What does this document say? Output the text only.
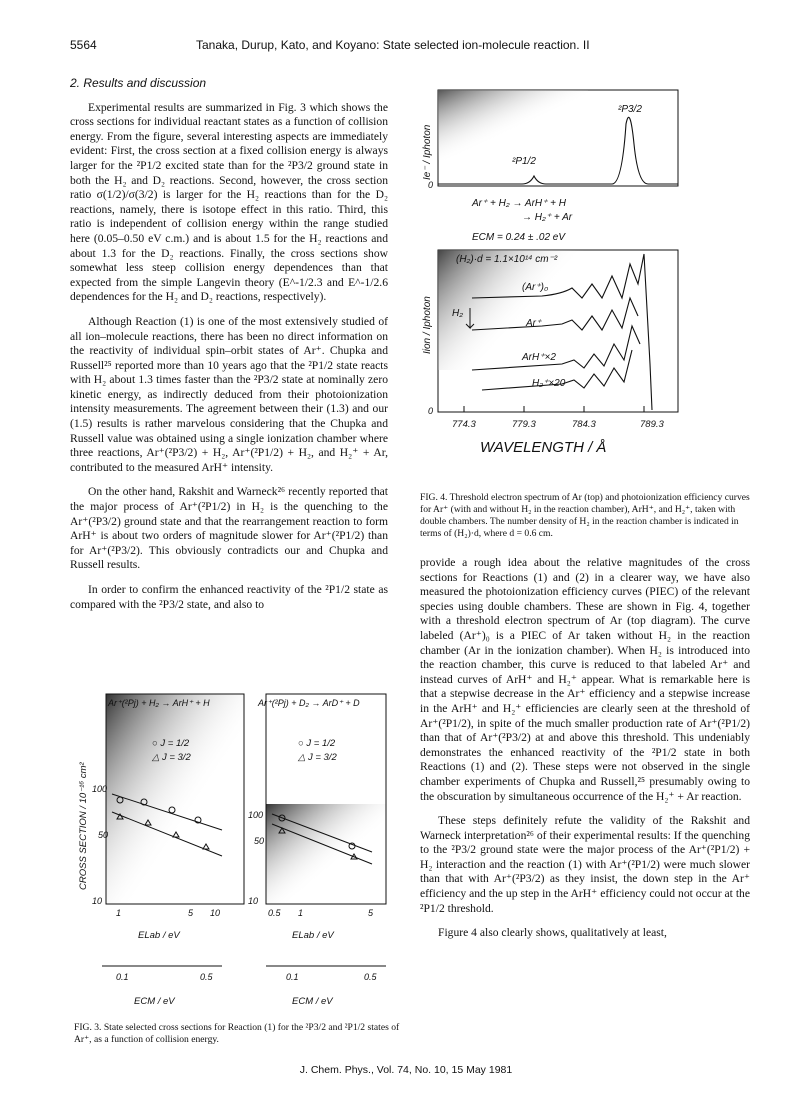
5564	Tanaka, Durup, Kato, and Koyano: State selected ion-molecule reaction. II

2. Results and discussion

Experimental results are summarized in Fig. 3 which shows the cross sections for individual reactant states as a function of collision energy. From the figure, several interesting aspects are immediately evident: First, the cross section at a fixed collision energy is always larger for the ²P1/2 excited state than for the ²P3/2 ground state in both the H₂ and D₂ reactions. Second, however, the cross section ratio σ(1/2)/σ(3/2) is larger for the H₂ reactions than for the D₂ reactions, namely, there is isotope effect in this ratio. Third, this ratio is independent of collision energy within the range studied here (0.05–0.50 eV c.m.) and is about 1.5 for the H₂ reactions and about 1.3 for the D₂ reactions. Finally, the cross sections show somewhat less steep collision energy dependences than that expected from the simple Langevin theory (E^-1/2.3 and E^-1/2.6 dependences for the H₂ and D₂ reactions, respectively).

Although Reaction (1) is one of the most extensively studied of all ion–molecule reactions, there has been no direct information on the reactivity of individual spin–orbit states of Ar⁺. Chupka and Russell²⁵ reported more than 10 years ago that the ²P1/2 state reacts with H₂ about 1.3 times faster than the ²P3/2 state at nominally zero kinetic energy, as indirectly deduced from their photoionization intensity measurements. The agreement between their (1.3) and our (1.5) results is rather marvelous considering that the Chupka and Russell value was obtained using a single ionization chamber where three reactions, Ar⁺(²P3/2) + H₂, Ar⁺(²P1/2) + H₂, and H₂⁺ + Ar, contributed to the measured ArH⁺ intensity.

On the other hand, Rakshit and Warneck²⁶ recently reported that the major process of Ar⁺(²P1/2) in H₂ is the quenching to the Ar⁺(²P3/2) ground state and that the rearrangement reaction to form ArH⁺ is about two orders of magnitude slower for Ar⁺(²P1/2) than for Ar⁺(²P3/2). This obviously contradicts our and Chupka and Russell results.

In order to confirm the enhanced reactivity of the ²P1/2 state as compared with the ²P3/2 state, and also to

²P3/2
²P1/2
0
0
Ie⁻ / Iphoton
Iion / Iphoton
Ar⁺ + H₂ → ArH⁺ + H
→ H₂⁺ + Ar
ECM = 0.24 ± .02 eV
(H₂)·d = 1.1×10¹⁴ cm⁻²
(Ar⁺)₀
Ar⁺
ArH⁺×2
H₂⁺×20
H₂
774.3	779.3	784.3	789.3
WAVELENGTH / Å
FIG. 4. Threshold electron spectrum of Ar (top) and photoionization efficiency curves for Ar⁺ (with and without H₂ in the reaction chamber), ArH⁺, and H₂⁺, taken with double chambers. The number density of H₂ in the reaction chamber is indicated in terms of (H₂)·d, where d = 0.6 cm.

provide a rough idea about the relative magnitudes of the cross sections for Reactions (1) and (2) in a clearer way, we have also measured the photoionization efficiency curves (PIEC) of the relevant species using double chambers. These are shown in Fig. 4, together with a threshold electron spectrum of Ar (top diagram). The curve labeled (Ar⁺)₀ is a PIEC of Ar taken without H₂ in the reaction chamber (Ar in the ionization chamber). When H₂ is introduced into the reaction chamber, this curve is reduced to that labeled Ar⁺ and instead curves of ArH⁺ and H₂⁺ appear. What is remarkable here is that a stepwise decrease in the Ar⁺ efficiency and a stepwise increase in the ArH⁺ and H₂⁺ efficiencies are clearly seen at the threshold of Ar⁺(²P1/2), in spite of the much smaller production rate of Ar⁺(²P1/2) than that of Ar⁺(²P3/2) at and above this threshold. This undeniably demonstrates the enhanced reactivity of the ²P1/2 state in both Reactions (1) and (2). These steps were not observed in the single chamber experiments of Chupka and Russell,²⁵ presumably owing to the obscuration by simultaneous occurrence of the H₂⁺ + Ar reaction.

These steps definitely refute the validity of the Rakshit and Warneck interpretation²⁶ of their experimental results: If the quenching to the ²P3/2 ground state were the major process of the Ar⁺(²P1/2) + H₂ interaction and the reaction (1) with Ar⁺(²P1/2) were much slower than that with Ar⁺(²P3/2) as they insist, the down step in the Ar⁺ efficiency and the up step in the ArH⁺ efficiency could not occur at the ²P1/2 threshold.

Figure 4 also clearly shows, qualitatively at least,

CROSS SECTION / 10⁻¹⁶ cm²
Ar⁺(²Pj) + H₂ → ArH⁺ + H	Ar⁺(²Pj) + D₂ → ArD⁺ + D
○ J = 1/2
△ J = 3/2
○ J = 1/2
△ J = 3/2
100
50
10
100
50
10
1	5 10	0.5 1	5
ELab / eV	ELab / eV
0.1	0.5	0.1	0.5
ECM / eV	ECM / eV
FIG. 3. State selected cross sections for Reaction (1) for the ²P3/2 and ²P1/2 states of Ar⁺, as a function of collision energy.
J. Chem. Phys., Vol. 74, No. 10, 15 May 1981
